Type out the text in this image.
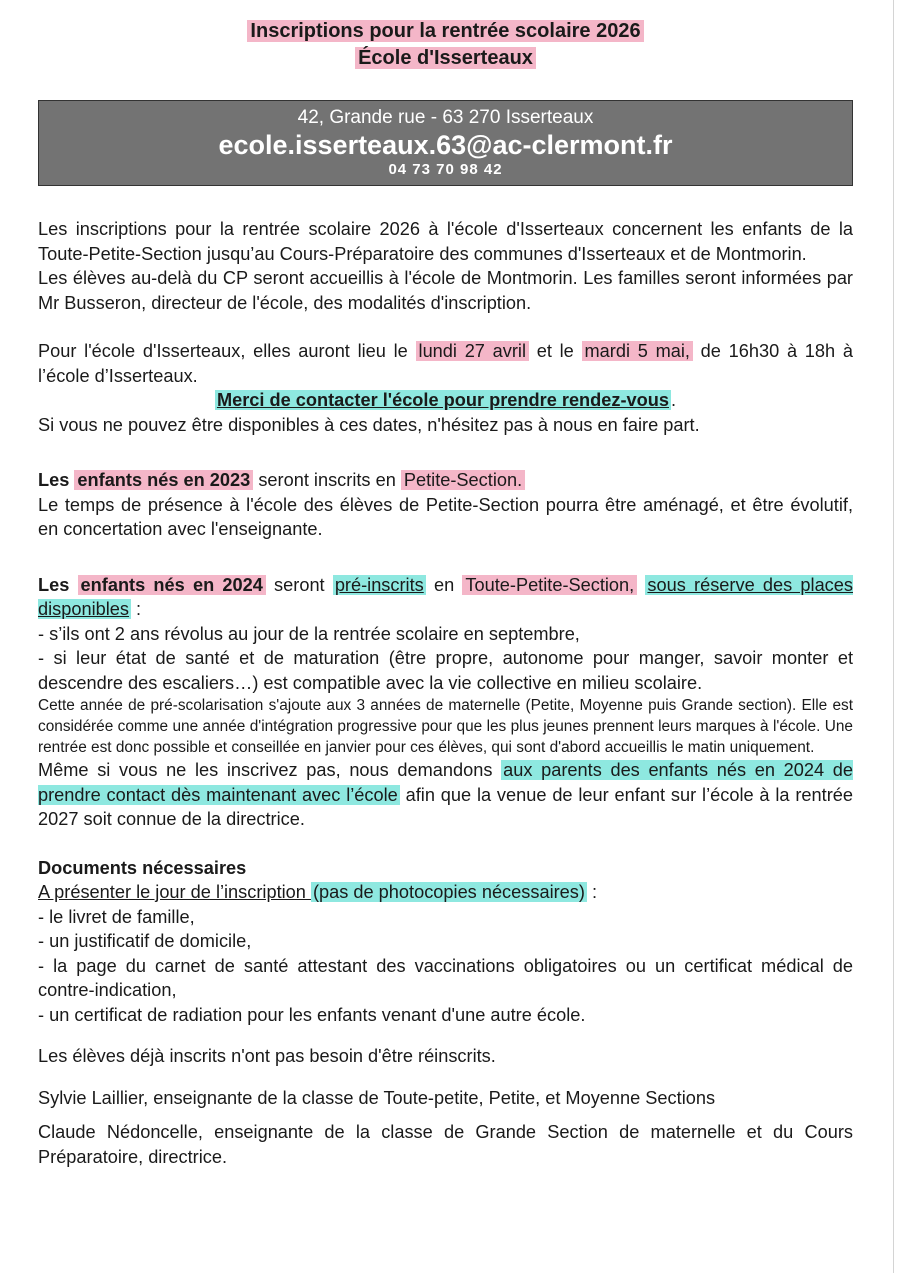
Inscriptions pour la rentrée scolaire 2026
École d'Isserteaux
42, Grande rue - 63 270 Isserteaux
ecole.isserteaux.63@ac-clermont.fr
04 73 70 98 42

Les inscriptions pour la rentrée scolaire 2026 à l'école d'Isserteaux concernent les enfants de la Toute-Petite-Section jusqu’au Cours-Préparatoire des communes d'Isserteaux et de Montmorin.

Les élèves au-delà du CP seront accueillis à l'école de Montmorin. Les familles seront informées par Mr Busseron, directeur de l'école, des modalités d'inscription.

Pour l'école d'Isserteaux, elles auront lieu le lundi 27 avril et le mardi 5 mai, de 16h30 à 18h à l’école d’Isserteaux.

Merci de contacter l'école pour prendre rendez-vous .

Si vous ne pouvez être disponibles à ces dates, n'hésitez pas à nous en faire part.

Les enfants nés en 2023 seront inscrits en Petite-Section.

Le temps de présence à l'école des élèves de Petite-Section pourra être aménagé, et être évolutif, en concertation avec l'enseignante.

Les enfants nés en 2024 seront pré-inscrits en Toute-Petite-Section, sous réserve des places disponibles :

- s’ils ont 2 ans révolus au jour de la rentrée scolaire en septembre,

- si leur état de santé et de maturation (être propre, autonome pour manger, savoir monter et descendre des escaliers…) est compatible avec la vie collective en milieu scolaire.

Cette année de pré-scolarisation s'ajoute aux 3 années de maternelle (Petite, Moyenne puis Grande section). Elle est considérée comme une année d'intégration progressive pour que les plus jeunes prennent leurs marques à l'école. Une rentrée est donc possible et conseillée en janvier pour ces élèves, qui sont d'abord accueillis le matin uniquement.

Même si vous ne les inscrivez pas, nous demandons aux parents des enfants nés en 2024 de prendre contact dès maintenant avec l’école afin que la venue de leur enfant sur l’école à la rentrée 2027 soit connue de la directrice.

Documents nécessaires

A présenter le jour de l’inscription (pas de photocopies nécessaires) :

- le livret de famille,

- un justificatif de domicile,

- la page du carnet de santé attestant des vaccinations obligatoires ou un certificat médical de contre-indication,

- un certificat de radiation pour les enfants venant d'une autre école.

Les élèves déjà inscrits n'ont pas besoin d'être réinscrits.

Sylvie Laillier, enseignante de la classe de Toute-petite, Petite, et Moyenne Sections

Claude Nédoncelle, enseignante de la classe de Grande Section de maternelle et du Cours Préparatoire, directrice.
